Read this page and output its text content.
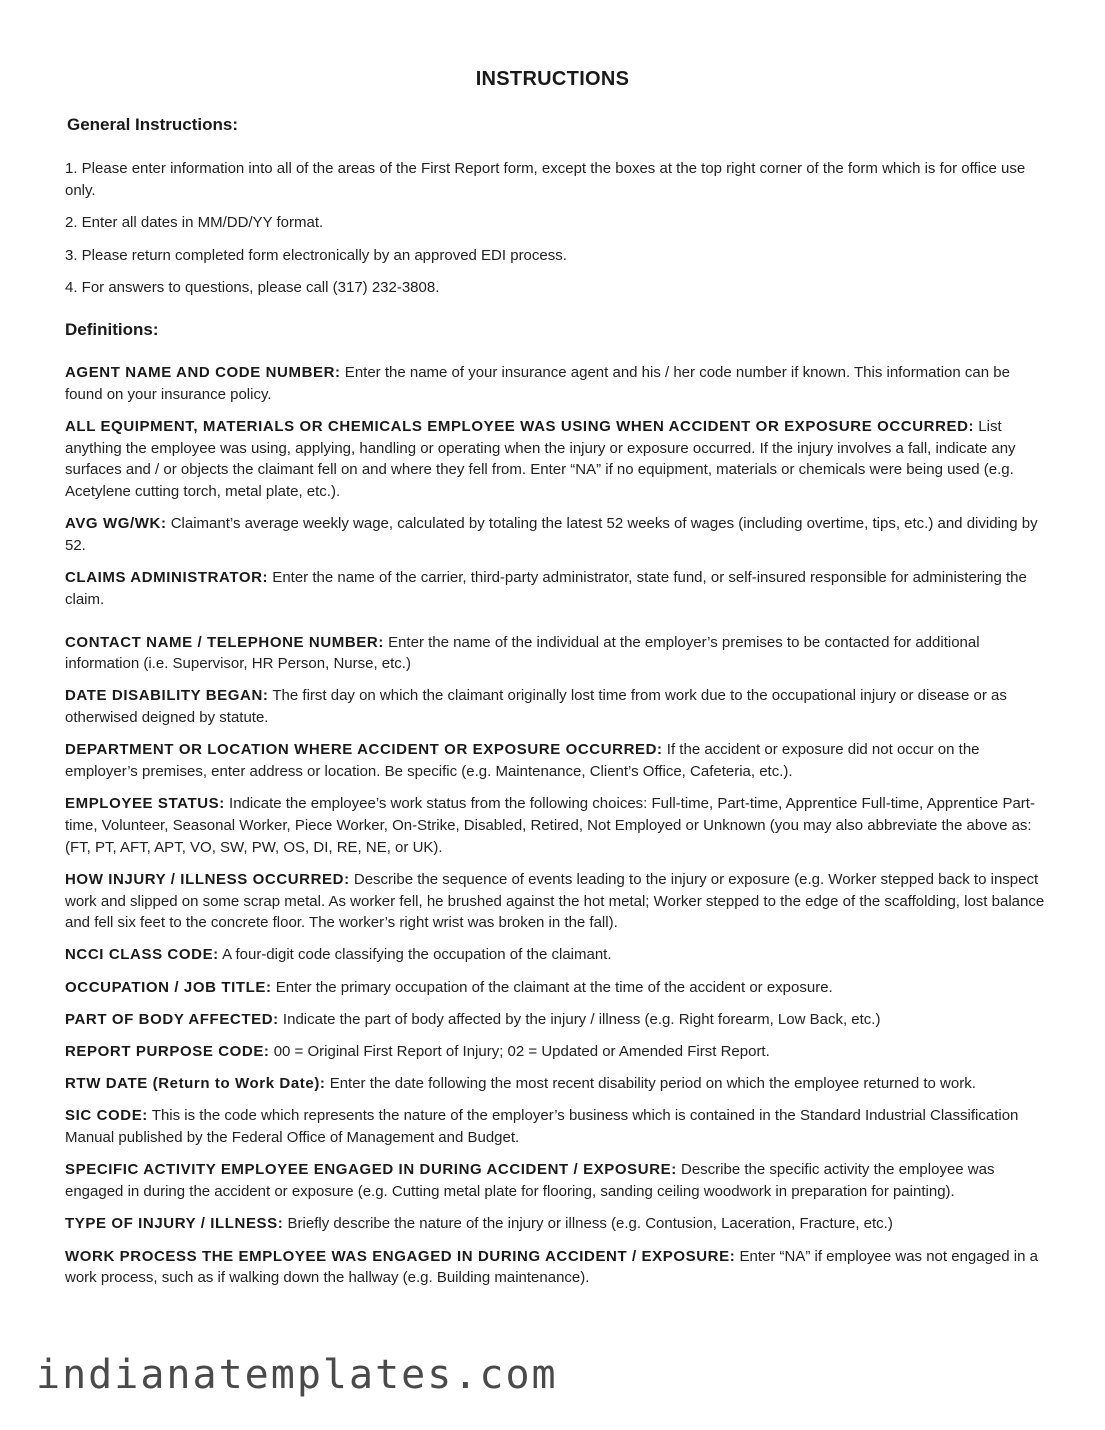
INSTRUCTIONS
General Instructions:
1. Please enter information into all of the areas of the First Report form, except the boxes at the top right corner of the form which is for office use only.
2. Enter all dates in MM/DD/YY format.
3. Please return completed form electronically by an approved EDI process.
4. For answers to questions, please call (317) 232-3808.
Definitions:
AGENT NAME AND CODE NUMBER: Enter the name of your insurance agent and his / her code number if known. This information can be found on your insurance policy.
ALL EQUIPMENT, MATERIALS OR CHEMICALS EMPLOYEE WAS USING WHEN ACCIDENT OR EXPOSURE OCCURRED: List anything the employee was using, applying, handling or operating when the injury or exposure occurred. If the injury involves a fall, indicate any surfaces and / or objects the claimant fell on and where they fell from. Enter “NA” if no equipment, materials or chemicals were being used (e.g. Acetylene cutting torch, metal plate, etc.).
AVG WG/WK: Claimant’s average weekly wage, calculated by totaling the latest 52 weeks of wages (including overtime, tips, etc.) and dividing by 52.
CLAIMS ADMINISTRATOR: Enter the name of the carrier, third-party administrator, state fund, or self-insured responsible for administering the claim.
CONTACT NAME / TELEPHONE NUMBER: Enter the name of the individual at the employer’s premises to be contacted for additional information (i.e. Supervisor, HR Person, Nurse, etc.)
DATE DISABILITY BEGAN: The first day on which the claimant originally lost time from work due to the occupational injury or disease or as otherwised deigned by statute.
DEPARTMENT OR LOCATION WHERE ACCIDENT OR EXPOSURE OCCURRED: If the accident or exposure did not occur on the employer’s premises, enter address or location. Be specific (e.g. Maintenance, Client’s Office, Cafeteria, etc.).
EMPLOYEE STATUS: Indicate the employee’s work status from the following choices: Full-time, Part-time, Apprentice Full-time, Apprentice Part-time, Volunteer, Seasonal Worker, Piece Worker, On-Strike, Disabled, Retired, Not Employed or Unknown (you may also abbreviate the above as: (FT, PT, AFT, APT, VO, SW, PW, OS, DI, RE, NE, or UK).
HOW INJURY / ILLNESS OCCURRED: Describe the sequence of events leading to the injury or exposure (e.g. Worker stepped back to inspect work and slipped on some scrap metal. As worker fell, he brushed against the hot metal; Worker stepped to the edge of the scaffolding, lost balance and fell six feet to the concrete floor. The worker’s right wrist was broken in the fall).
NCCI CLASS CODE: A four-digit code classifying the occupation of the claimant.
OCCUPATION / JOB TITLE: Enter the primary occupation of the claimant at the time of the accident or exposure.
PART OF BODY AFFECTED: Indicate the part of body affected by the injury / illness (e.g. Right forearm, Low Back, etc.)
REPORT PURPOSE CODE: 00 = Original First Report of Injury; 02 = Updated or Amended First Report.
RTW DATE (Return to Work Date): Enter the date following the most recent disability period on which the employee returned to work.
SIC CODE: This is the code which represents the nature of the employer’s business which is contained in the Standard Industrial Classification Manual published by the Federal Office of Management and Budget.
SPECIFIC ACTIVITY EMPLOYEE ENGAGED IN DURING ACCIDENT / EXPOSURE: Describe the specific activity the employee was engaged in during the accident or exposure (e.g. Cutting metal plate for flooring, sanding ceiling woodwork in preparation for painting).
TYPE OF INJURY / ILLNESS: Briefly describe the nature of the injury or illness (e.g. Contusion, Laceration, Fracture, etc.)
WORK PROCESS THE EMPLOYEE WAS ENGAGED IN DURING ACCIDENT / EXPOSURE: Enter “NA” if employee was not engaged in a work process, such as if walking down the hallway (e.g. Building maintenance).
indianatemplates.com
